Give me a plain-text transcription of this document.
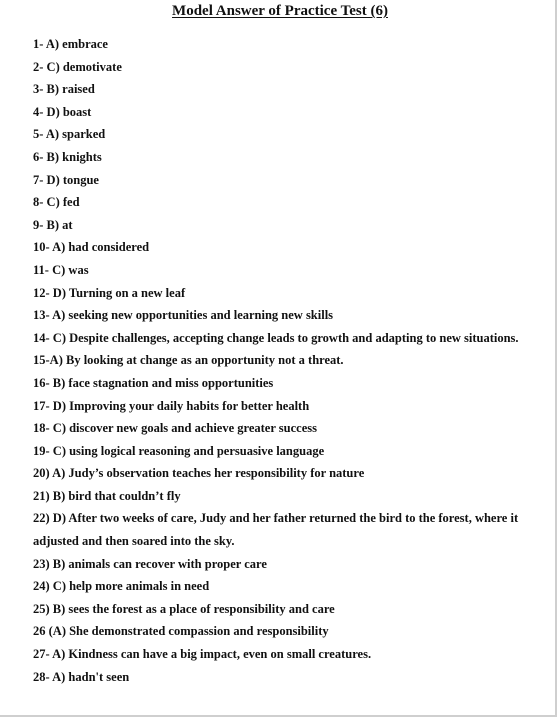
Model Answer of Practice Test (6)
1- A) embrace
2- C) demotivate
3- B) raised
4- D) boast
5- A) sparked
6- B) knights
7- D) tongue
8- C) fed
9- B) at
10- A) had considered
11- C) was
12- D) Turning on a new leaf
13- A) seeking new opportunities and learning new skills
14- C) Despite challenges, accepting change leads to growth and adapting to new situations.
15-A) By looking at change as an opportunity not a threat.
16- B) face stagnation and miss opportunities
17- D) Improving your daily habits for better health
18- C) discover new goals and achieve greater success
19- C) using logical reasoning and persuasive language
20) A) Judy’s observation teaches her responsibility for nature
21) B) bird that couldn’t fly
22) D) After two weeks of care, Judy and her father returned the bird to the forest, where it adjusted and then soared into the sky.
23) B) animals can recover with proper care
24) C) help more animals in need
25) B) sees the forest as a place of responsibility and care
26 (A) She demonstrated compassion and responsibility
27- A) Kindness can have a big impact, even on small creatures.
28- A) hadn't seen
